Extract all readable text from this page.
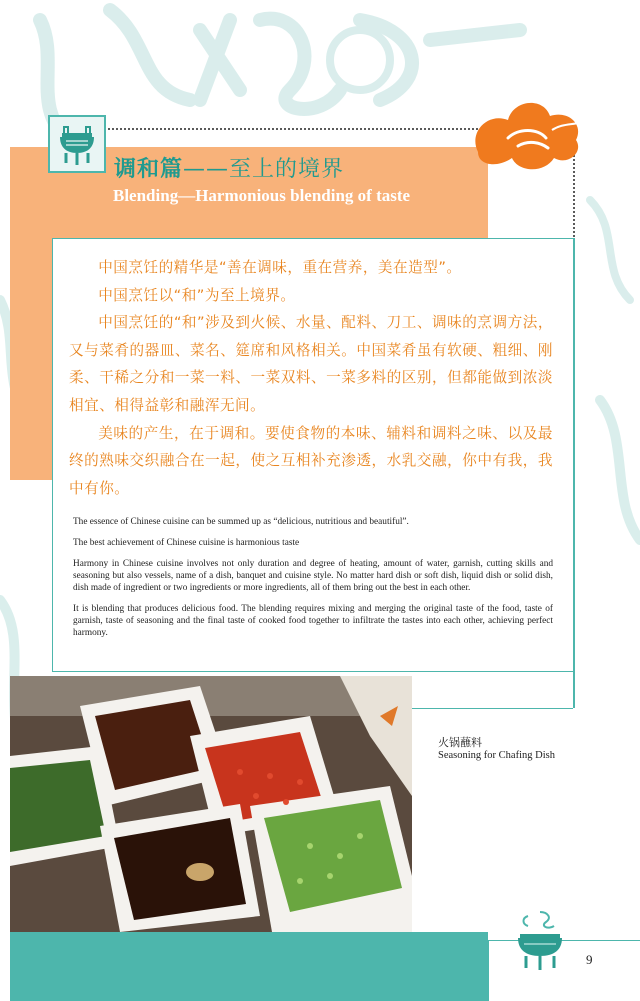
调和篇——至上的境界
Blending—Harmonious blending of taste

中国烹饪的精华是“善在调味，重在营养，美在造型”。

中国烹饪以“和”为至上境界。

中国烹饪的“和”涉及到火候、水量、配料、刀工、调味的烹调方法，又与菜肴的器皿、菜名、筵席和风格相关。中国菜肴虽有软硬、粗细、刚柔、干稀之分和一菜一料、一菜双料、一菜多料的区别，但都能做到浓淡相宜、相得益彰和融浑无间。

美味的产生，在于调和。要使食物的本味、辅料和调料之味、以及最终的熟味交织融合在一起，使之互相补充渗透，水乳交融，你中有我，我中有你。

The essence of Chinese cuisine can be summed up as “delicious, nutritious and beautiful”.

The best achievement of Chinese cuisine is harmonious taste

Harmony in Chinese cuisine involves not only duration and degree of heating, amount of water, garnish, cutting skills and seasoning but also vessels, name of a dish, banquet and cuisine style. No matter hard dish or soft dish, liquid dish or solid dish, dish made of ingredient or two ingredients or more ingredients, all of them bring out the best in each other.

It is blending that produces delicious food. The blending requires mixing and merging the original taste of the food, taste of garnish, taste of seasoning and the final taste of cooked food together to infiltrate the tastes into each other, achieving perfect harmony.

火锅蘸料
Seasoning for Chafing Dish
9
